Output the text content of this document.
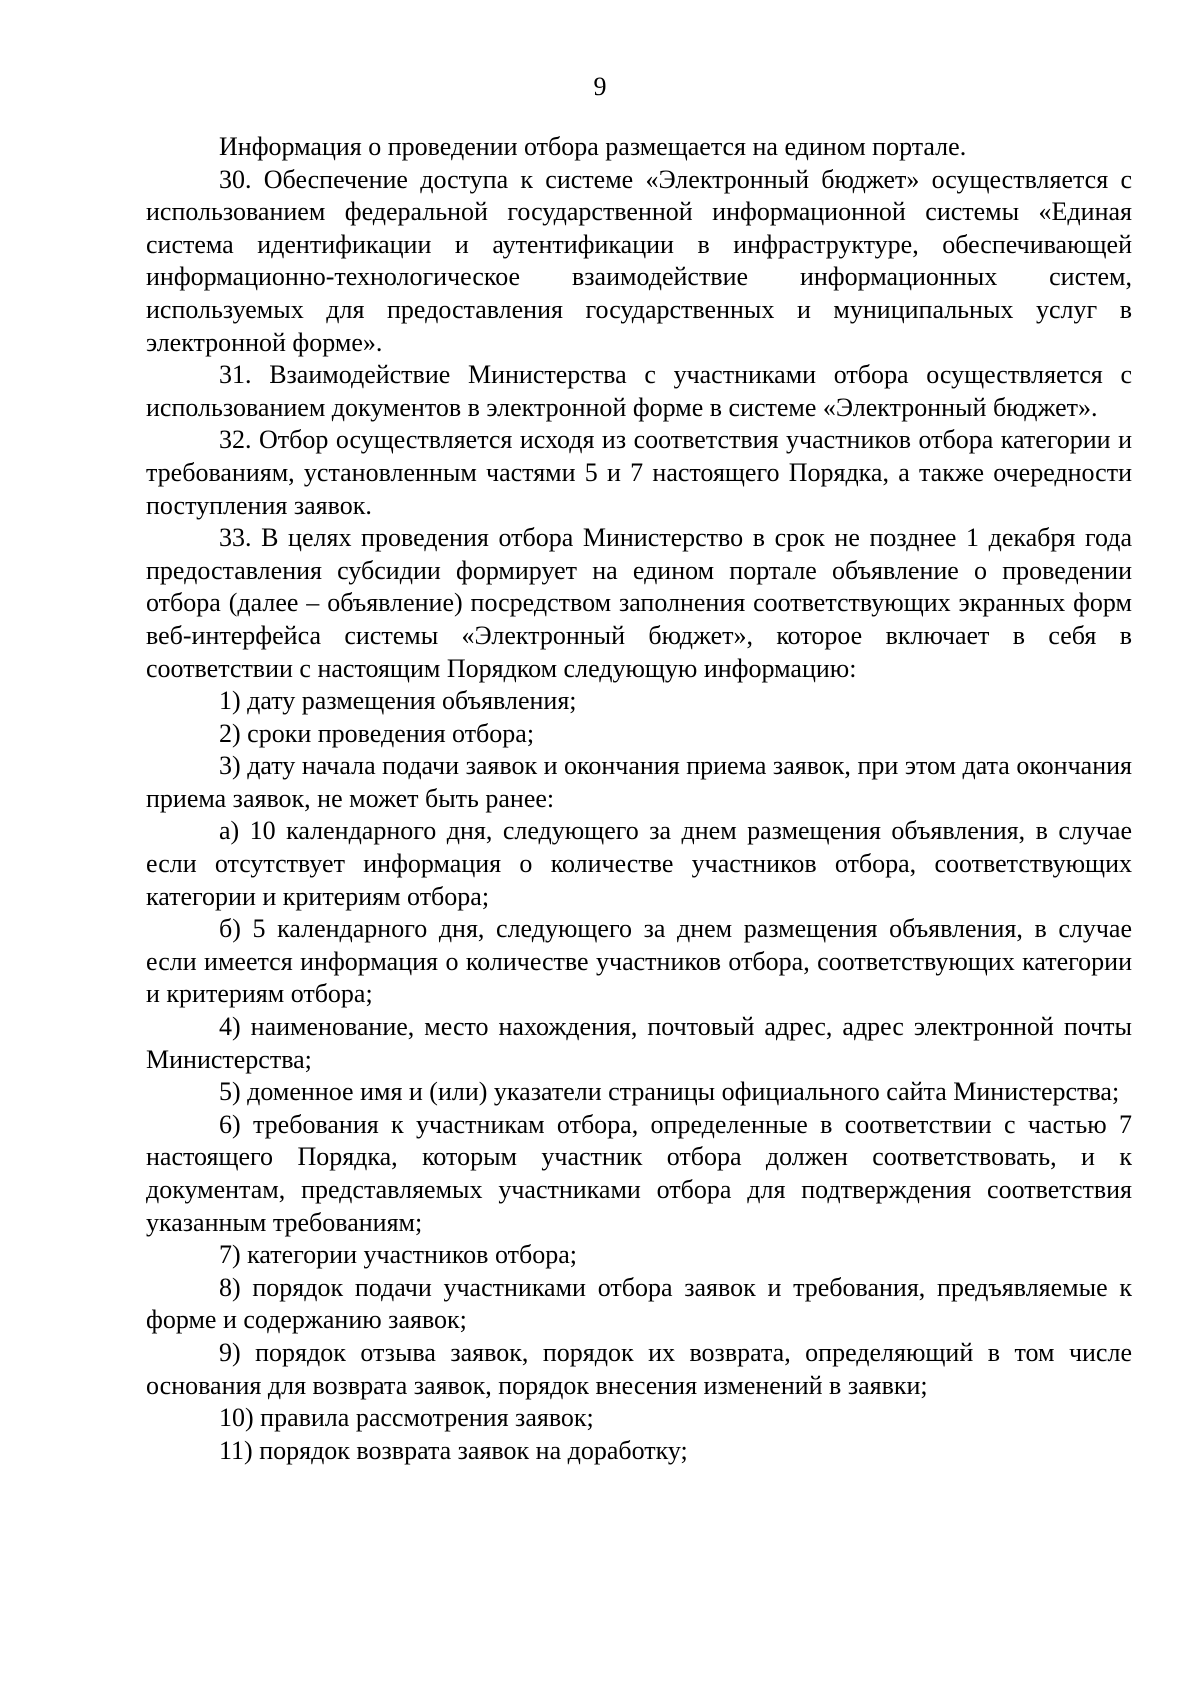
9

Информация о проведении отбора размещается на едином портале.

30. Обеспечение доступа к системе «Электронный бюджет» осуществляется с использованием федеральной государственной информационной системы «Единая система идентификации и аутентификации в инфраструктуре, обеспечивающей информационно-технологическое взаимодействие информационных систем, используемых для предоставления государственных и муниципальных услуг в электронной форме».

31. Взаимодействие Министерства с участниками отбора осуществляется с использованием документов в электронной форме в системе «Электронный бюджет».

32. Отбор осуществляется исходя из соответствия участников отбора категории и требованиям, установленным частями 5 и 7 настоящего Порядка, а также очередности поступления заявок.

33. В целях проведения отбора Министерство в срок не позднее 1 декабря года предоставления субсидии формирует на едином портале объявление о проведении отбора (далее – объявление) посредством заполнения соответствующих экранных форм веб-интерфейса системы «Электронный бюджет», которое включает в себя в соответствии с настоящим Порядком следующую информацию:

1) дату размещения объявления;

2) сроки проведения отбора;

3) дату начала подачи заявок и окончания приема заявок, при этом дата окончания приема заявок, не может быть ранее:

а) 10 календарного дня, следующего за днем размещения объявления, в случае если отсутствует информация о количестве участников отбора, соответствующих категории и критериям отбора;

б) 5 календарного дня, следующего за днем размещения объявления, в случае если имеется информация о количестве участников отбора, соответствующих категории и критериям отбора;

4) наименование, место нахождения, почтовый адрес, адрес электронной почты Министерства;

5) доменное имя и (или) указатели страницы официального сайта Министерства;

6) требования к участникам отбора, определенные в соответствии с частью 7 настоящего Порядка, которым участник отбора должен соответствовать, и к документам, представляемых участниками отбора для подтверждения соответствия указанным требованиям;

7) категории участников отбора;

8) порядок подачи участниками отбора заявок и требования, предъявляемые к форме и содержанию заявок;

9) порядок отзыва заявок, порядок их возврата, определяющий в том числе основания для возврата заявок, порядок внесения изменений в заявки;

10) правила рассмотрения заявок;

11) порядок возврата заявок на доработку;
